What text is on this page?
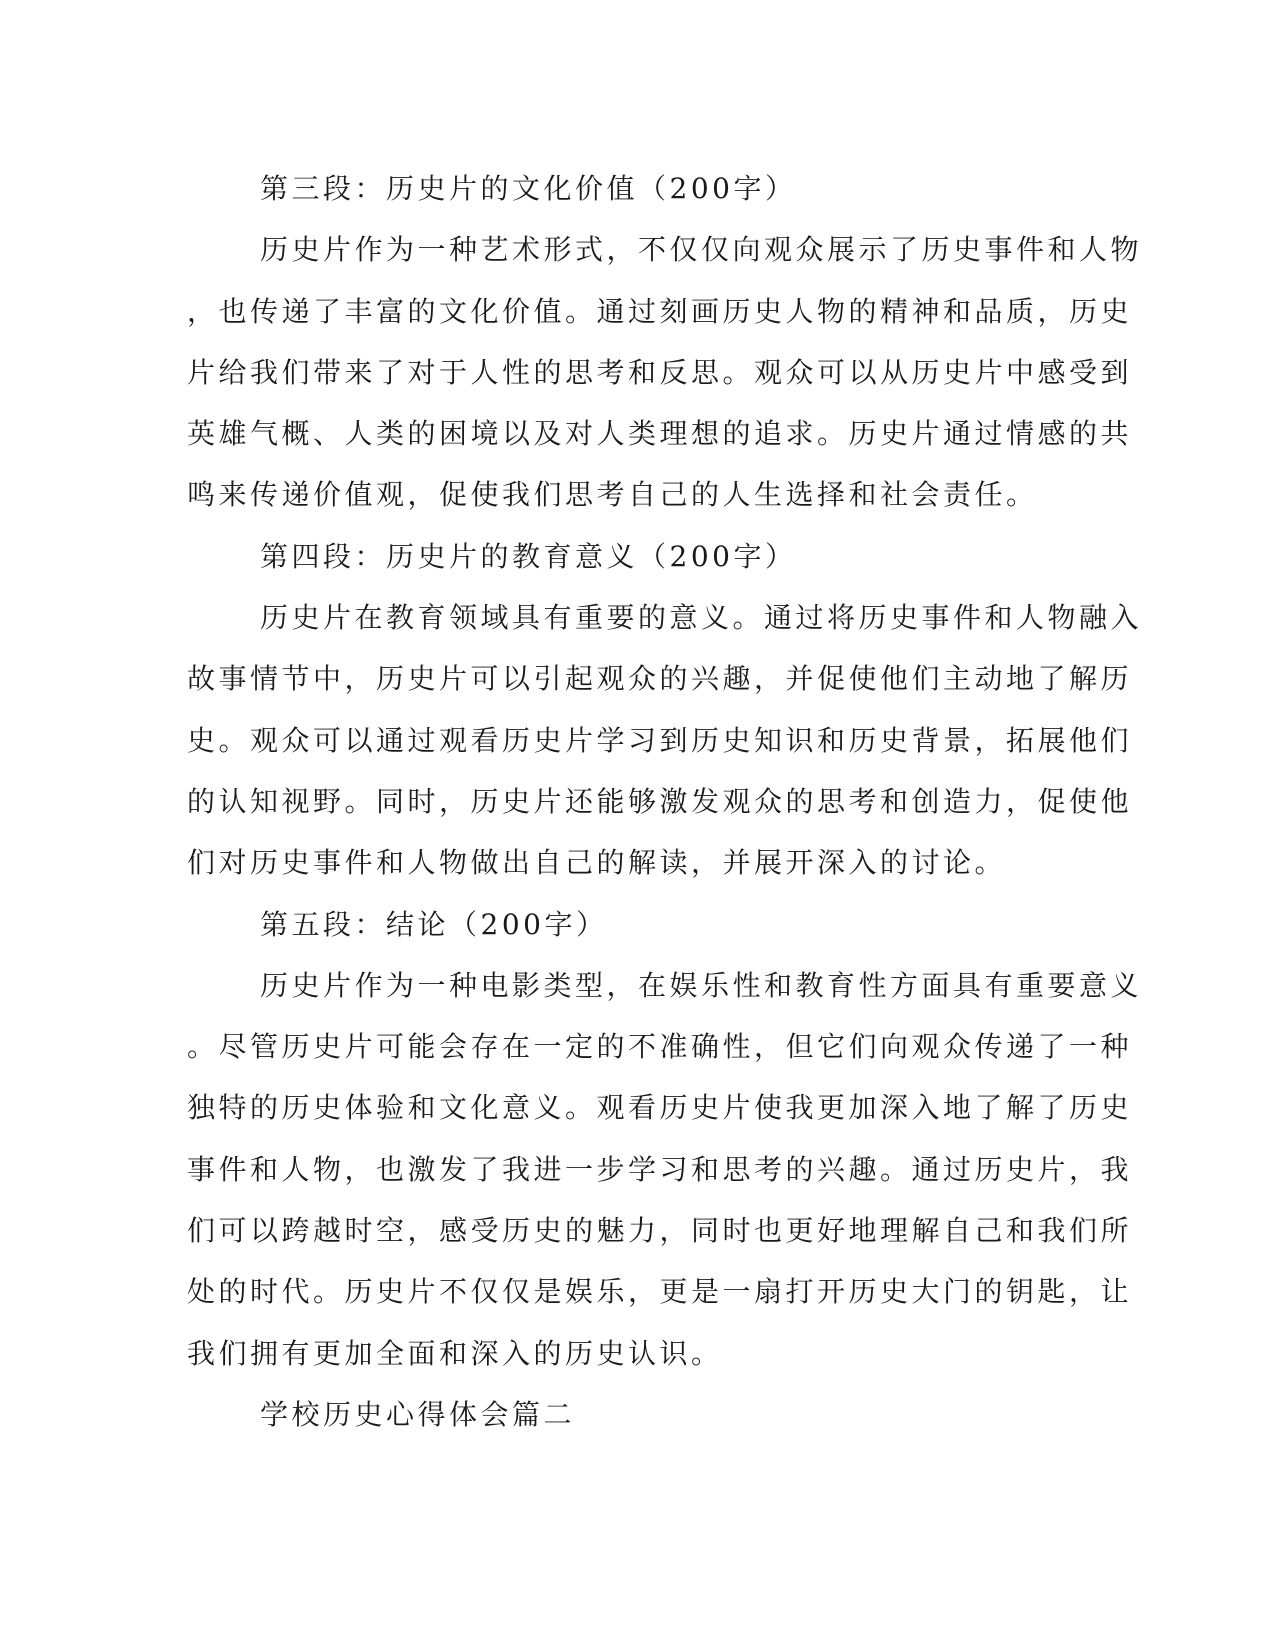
第三段：历史片的文化价值（200字）
历史片作为一种艺术形式，不仅仅向观众展示了历史事件和人物
，也传递了丰富的文化价值。通过刻画历史人物的精神和品质，历史
片给我们带来了对于人性的思考和反思。观众可以从历史片中感受到
英雄气概、人类的困境以及对人类理想的追求。历史片通过情感的共
鸣来传递价值观，促使我们思考自己的人生选择和社会责任。
第四段：历史片的教育意义（200字）
历史片在教育领域具有重要的意义。通过将历史事件和人物融入
故事情节中，历史片可以引起观众的兴趣，并促使他们主动地了解历
史。观众可以通过观看历史片学习到历史知识和历史背景，拓展他们
的认知视野。同时，历史片还能够激发观众的思考和创造力，促使他
们对历史事件和人物做出自己的解读，并展开深入的讨论。
第五段：结论（200字）
历史片作为一种电影类型，在娱乐性和教育性方面具有重要意义
。尽管历史片可能会存在一定的不准确性，但它们向观众传递了一种
独特的历史体验和文化意义。观看历史片使我更加深入地了解了历史
事件和人物，也激发了我进一步学习和思考的兴趣。通过历史片，我
们可以跨越时空，感受历史的魅力，同时也更好地理解自己和我们所
处的时代。历史片不仅仅是娱乐，更是一扇打开历史大门的钥匙，让
我们拥有更加全面和深入的历史认识。
学校历史心得体会篇二
